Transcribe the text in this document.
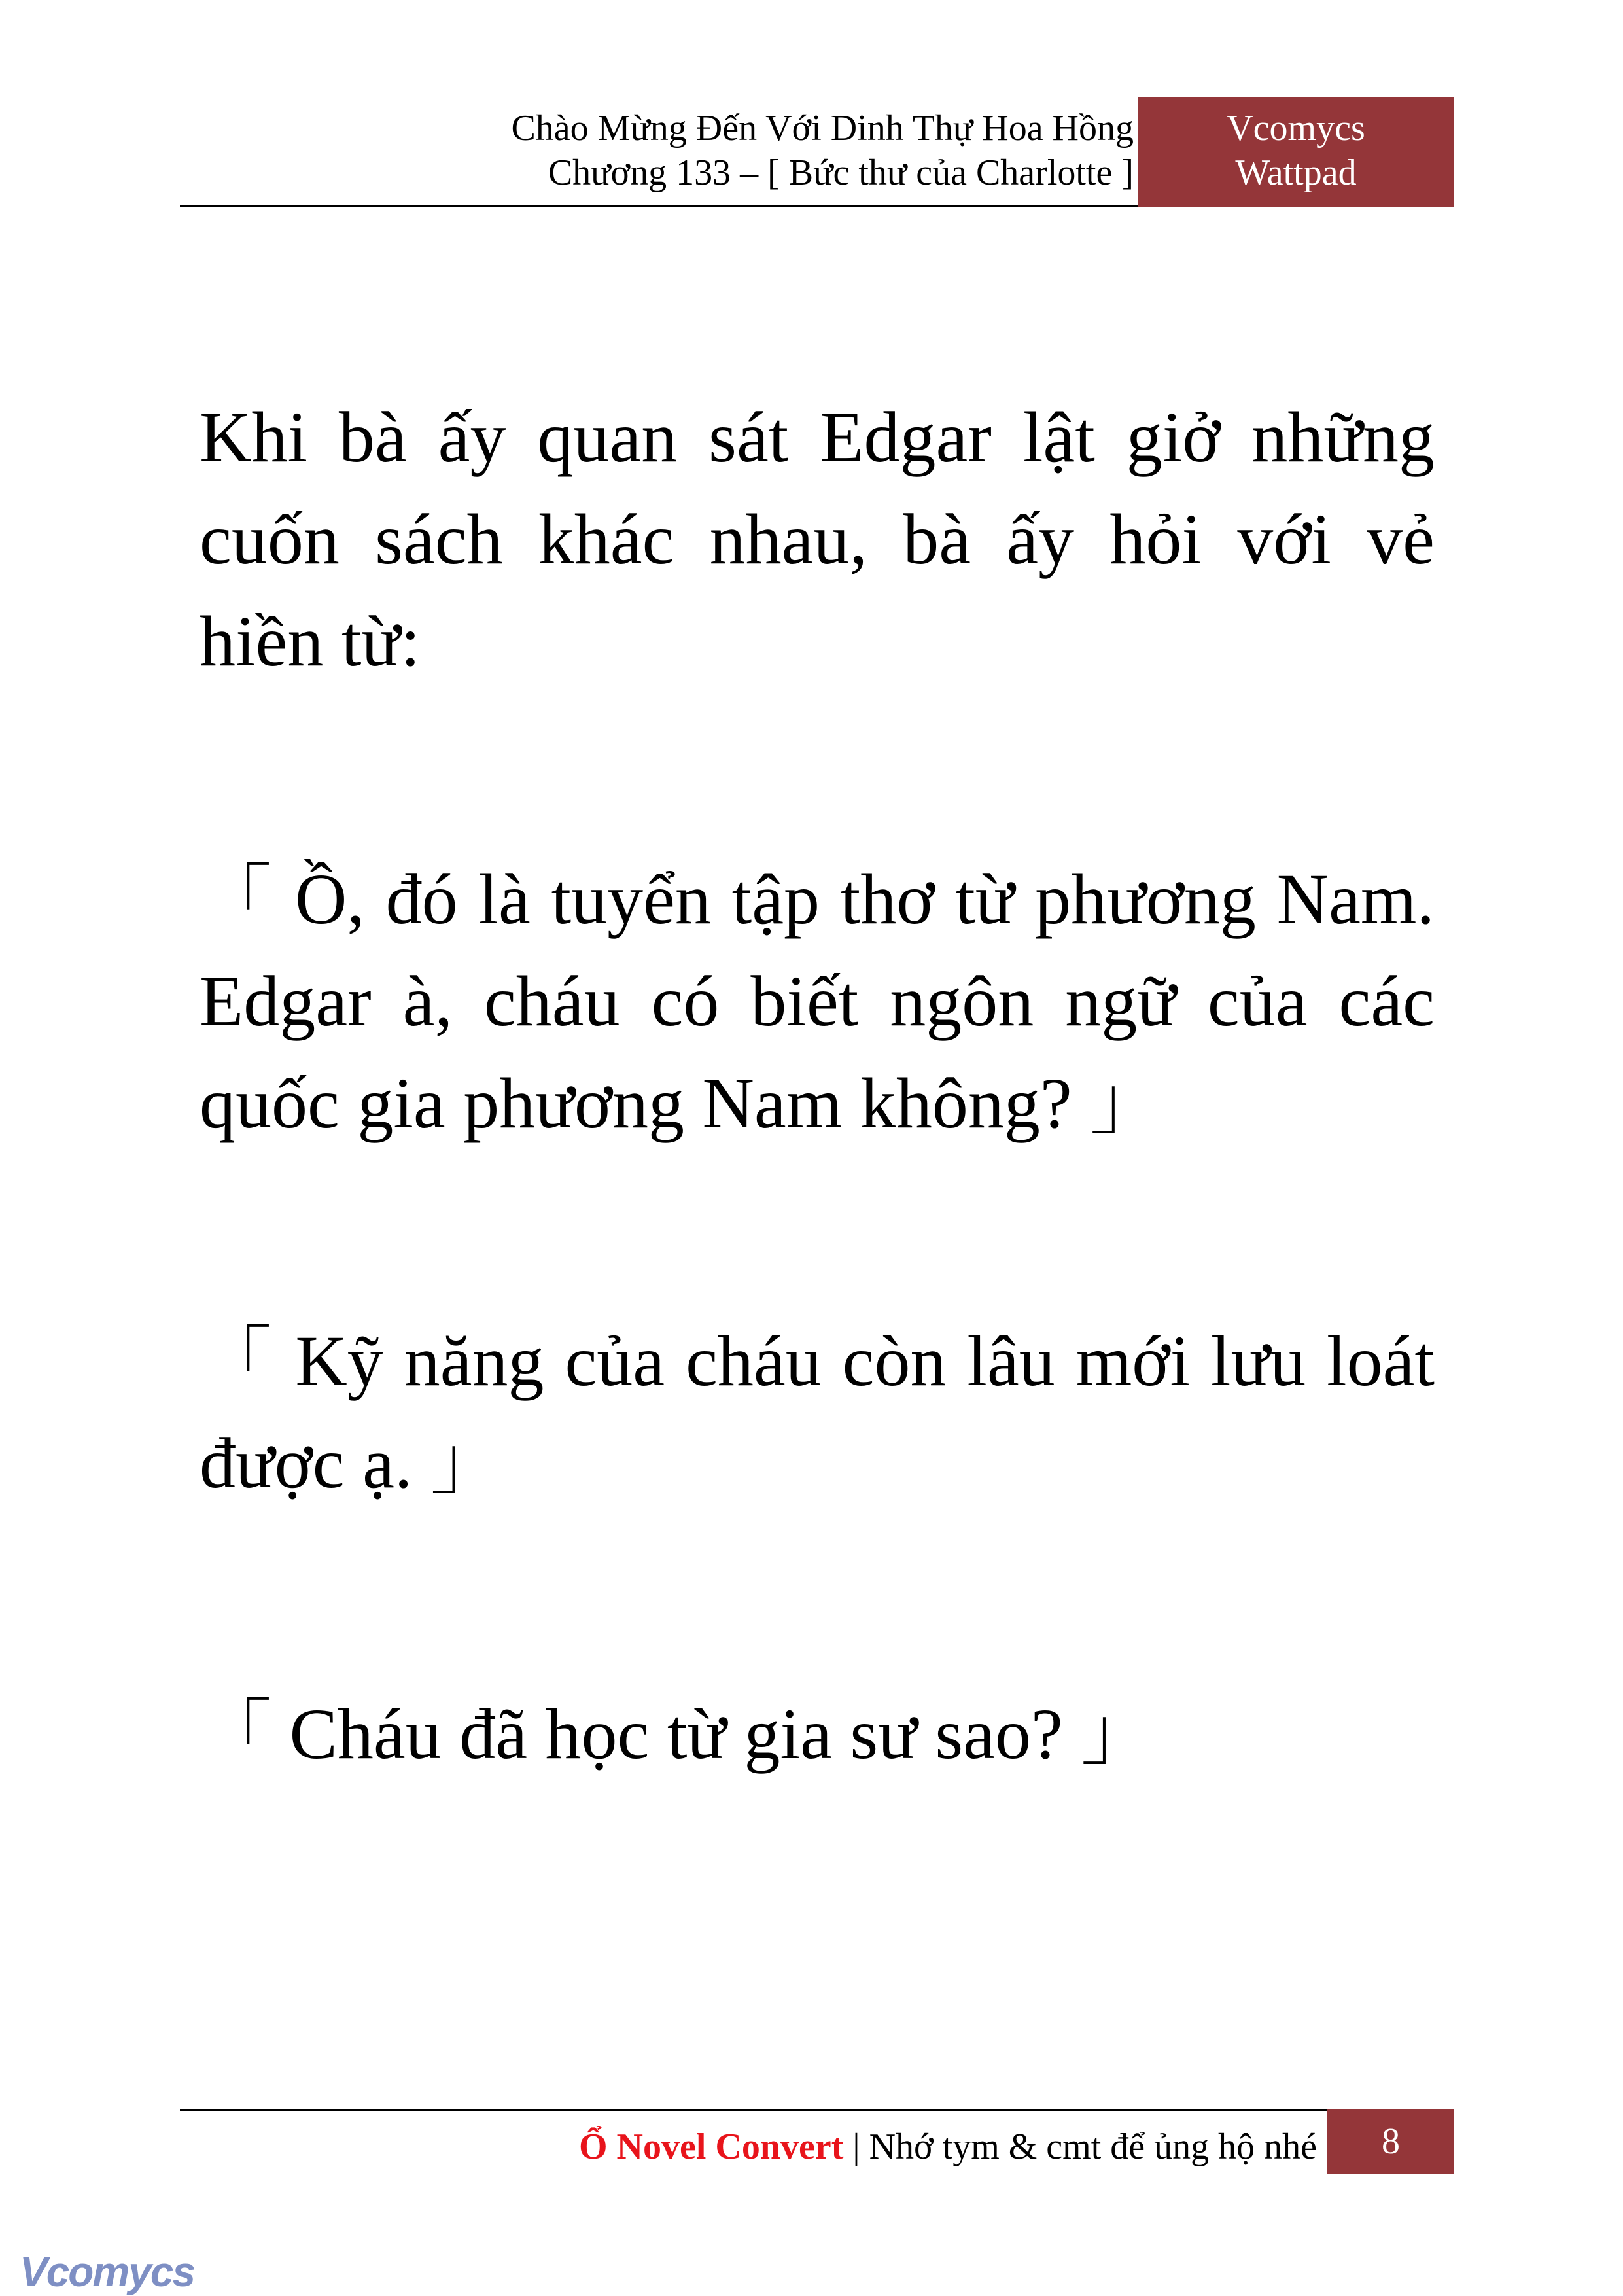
Chào Mừng Đến Với Dinh Thự Hoa Hồng
Chương 133 – [ Bức thư của Charlotte ]
Vcomycs
Wattpad

Khi bà ấy quan sát Edgar lật giở những cuốn sách khác nhau, bà ấy hỏi với vẻ hiền từ:

「 Ồ, đó là tuyển tập thơ từ phương Nam. Edgar à, cháu có biết ngôn ngữ của các quốc gia phương Nam không? 」

「 Kỹ năng của cháu còn lâu mới lưu loát được ạ. 」

「 Cháu đã học từ gia sư sao? 」

Ổ Novel Convert | Nhớ tym & cmt để ủng hộ nhé	8
Vcomycs
